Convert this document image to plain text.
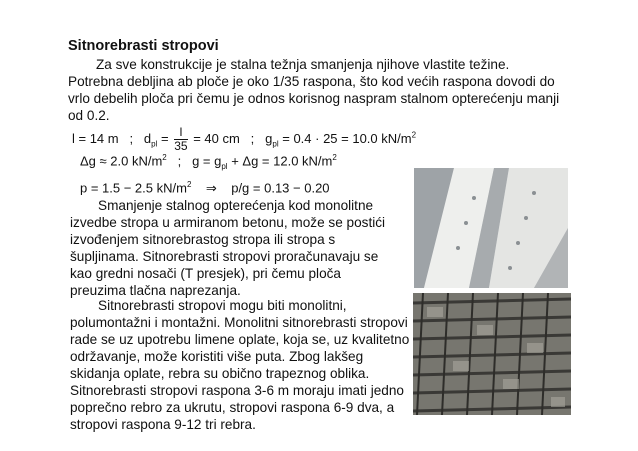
Sitnorebrasti stropovi

Za sve konstrukcije je stalna težnja smanjenja njihove vlastite težine. Potrebna debljina ab ploče je oko 1/35 raspona, što kod većih raspona dovodi do vrlo debelih ploča pri čemu je odnos korisnog naspram stalnom opterećenju manji od 0.2.

l = 14 m ; $d_{pl} = \frac{l}{35} = 40$ cm ; $g_{pl} = 0.4 \cdot 25 = 10.0$ $kN/m^2$
Δg ≈ 2.0 $kN/m^2$ ; $g = g_{pl} + \Delta g = 12.0$ $kN/m^2$
p = 1.5 − 2.5 $kN/m^2$ ⇒ p/g = 0.13 − 0.20

Smanjenje stalnog opterećenja kod monolitne izvedbe stropa u armiranom betonu, može se postići izvođenjem sitnorebrastog stropa ili stropa s šupljinama. Sitnorebrasti stropovi proračunavaju se kao gredni nosači (T presjek), pri čemu ploča preuzima tlačna naprezanja.

Sitnorebrasti stropovi mogu biti monolitni, polumontažni i montažni. Monolitni sitnorebrasti stropovi rade se uz upotrebu limene oplate, koja se, uz kvalitetno održavanje, može koristiti više puta. Zbog lakšeg skidanja oplate, rebra su obično trapeznog oblika. Sitnorebrasti stropovi raspona 3-6 m moraju imati jedno poprečno rebro za ukrutu, stropovi raspona 6-9 dva, a stropovi raspona 9-12 tri rebra.
